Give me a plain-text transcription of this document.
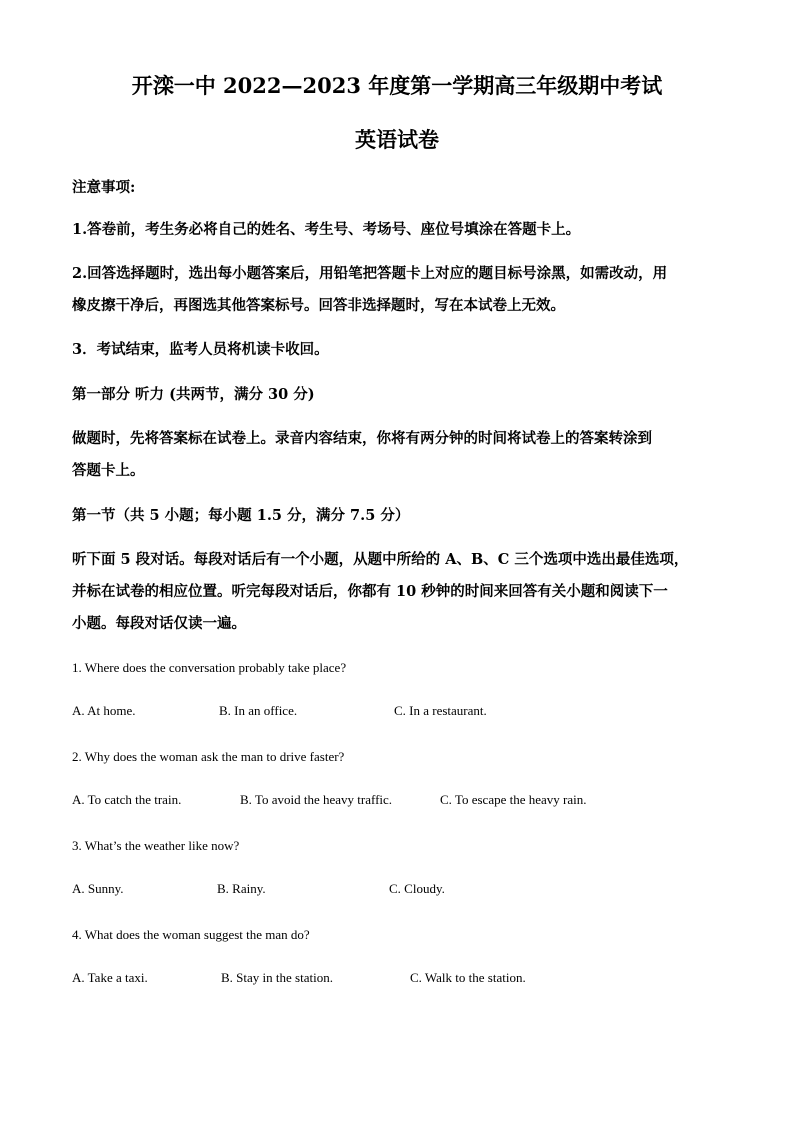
开滦一中 2022—2023 年度第一学期高三年级期中考试
英语试卷
注意事项:
1.答卷前，考生务必将自己的姓名、考生号、考场号、座位号填涂在答题卡上。
2.回答选择题时，选出每小题答案后，用铅笔把答题卡上对应的题目标号涂黑，如需改动，用
橡皮擦干净后，再图选其他答案标号。回答非选择题时，写在本试卷上无效。
3．考试结束，监考人员将机读卡收回。
第一部分 听力 (共两节，满分 30 分)
做题时，先将答案标在试卷上。录音内容结束，你将有两分钟的时间将试卷上的答案转涂到
答题卡上。
第一节（共 5 小题；每小题 1.5 分，满分 7.5 分）
听下面 5 段对话。每段对话后有一个小题，从题中所给的 A、B、C 三个选项中选出最佳选项，
并标在试卷的相应位置。听完每段对话后，你都有 10 秒钟的时间来回答有关小题和阅读下一
小题。每段对话仅读一遍。
1. Where does the conversation probably take place?
A. At home.	B. In an office.	C. In a restaurant.
2. Why does the woman ask the man to drive faster?
A. To catch the train.	B. To avoid the heavy traffic.	C. To escape the heavy rain.
3. What’s the weather like now?
A. Sunny.	B. Rainy.	C. Cloudy.
4. What does the woman suggest the man do?
A. Take a taxi.	B. Stay in the station.	C. Walk to the station.
